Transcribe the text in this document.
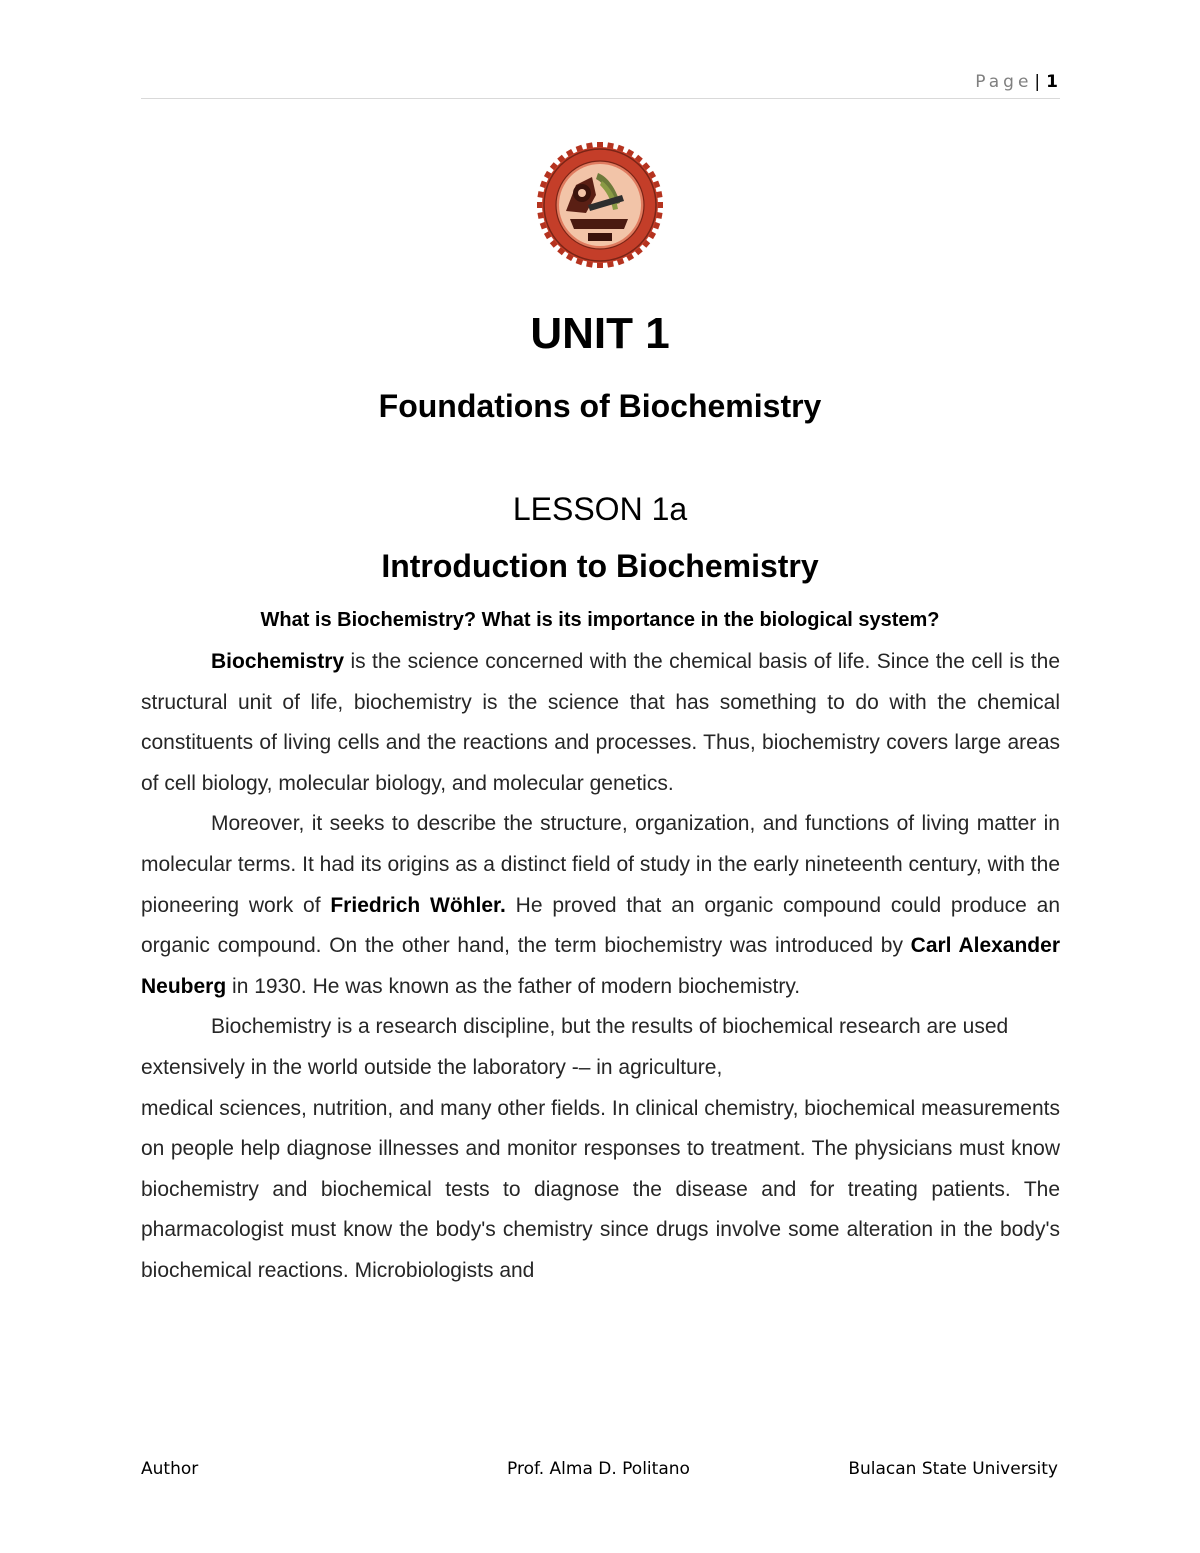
Page | 1
UNIT 1
Foundations of Biochemistry
LESSON 1a
Introduction to Biochemistry
What is Biochemistry? What is its importance in the biological system?

Biochemistry is the science concerned with the chemical basis of life. Since the cell is the structural unit of life, biochemistry is the science that has something to do with the chemical constituents of living cells and the reactions and processes. Thus, biochemistry covers large areas of cell biology, molecular biology, and molecular genetics.

Moreover, it seeks to describe the structure, organization, and functions of living matter in molecular terms. It had its origins as a distinct field of study in the early nineteenth century, with the pioneering work of Friedrich Wöhler. He proved that an organic compound could produce an organic compound. On the other hand, the term biochemistry was introduced by Carl Alexander Neuberg in 1930. He was known as the father of modern biochemistry.

Biochemistry is a research discipline, but the results of biochemical research are used extensively in the world outside the laboratory -– in agriculture,

medical sciences, nutrition, and many other fields. In clinical chemistry, biochemical measurements on people help diagnose illnesses and monitor responses to treatment. The physicians must know biochemistry and biochemical tests to diagnose the disease and for treating patients. The pharmacologist must know the body's chemistry since drugs involve some alteration in the body's biochemical reactions. Microbiologists and

Author	Prof. Alma D. Politano	Bulacan State University
